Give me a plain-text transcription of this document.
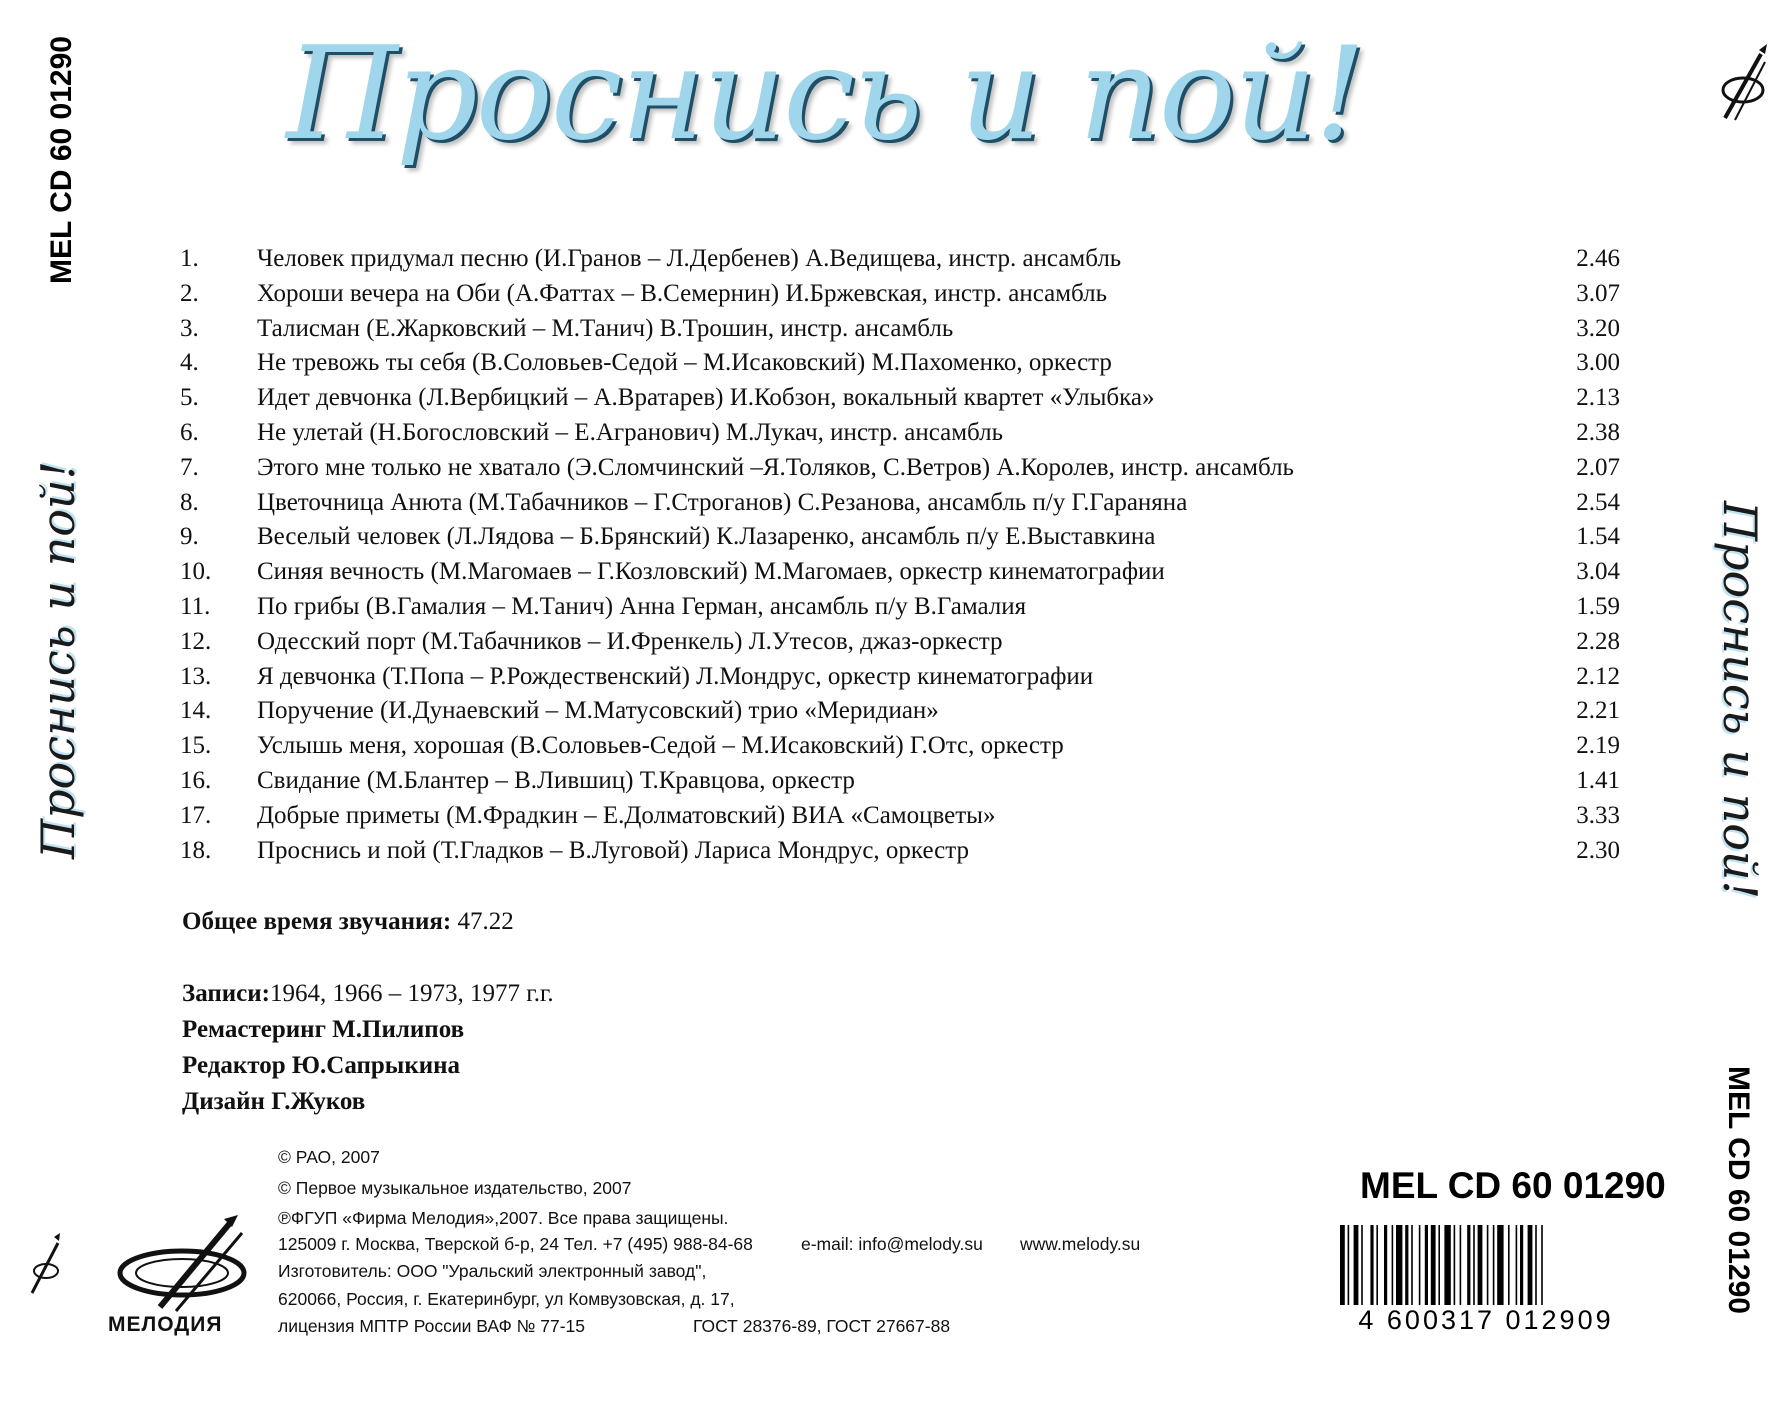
MEL CD 60 01290
Проснись и пой!	Проснись и пой!
MEL CD 60 01290
Проснись и пой!
1. Человек придумал песню (И.Гранов – Л.Дербенев) А.Ведищева, инстр. ансамбль	2.46
2. Хороши вечера на Оби (А.Фаттах – В.Семернин) И.Бржевская, инстр. ансамбль	3.07
3. Талисман (Е.Жарковский – М.Танич) В.Трошин, инстр. ансамбль	3.20
4. Не тревожь ты себя (В.Соловьев-Седой – М.Исаковский) М.Пахоменко, оркестр	3.00
5. Идет девчонка (Л.Вербицкий – А.Вратарев) И.Кобзон, вокальный квартет «Улыбка»	2.13
6. Не улетай (Н.Богословский – Е.Агранович) М.Лукач, инстр. ансамбль	2.38
7. Этого мне только не хватало (Э.Сломчинский –Я.Толяков, С.Ветров) А.Королев, инстр. ансамбль	2.07
8. Цветочница Анюта (М.Табачников – Г.Строганов) С.Резанова, ансамбль п/у Г.Гараняна	2.54
9. Веселый человек (Л.Лядова – Б.Брянский) К.Лазаренко, ансамбль п/у Е.Выставкина	1.54
10. Синяя вечность (М.Магомаев – Г.Козловский) М.Магомаев, оркестр кинематографии	3.04
11. По грибы (В.Гамалия – М.Танич) Анна Герман, ансамбль п/у В.Гамалия	1.59
12. Одесский порт (М.Табачников – И.Френкель) Л.Утесов, джаз-оркестр	2.28
13. Я девчонка (Т.Попа – Р.Рождественский) Л.Мондрус, оркестр кинематографии	2.12
14. Поручение (И.Дунаевский – М.Матусовский) трио «Меридиан»	2.21
15. Услышь меня, хорошая (В.Соловьев-Седой – М.Исаковский) Г.Отс, оркестр	2.19
16. Свидание (М.Блантер – В.Лившиц) Т.Кравцова, оркестр	1.41
17. Добрые приметы (М.Фрадкин – Е.Долматовский) ВИА «Самоцветы»	3.33
18. Проснись и пой (Т.Гладков – В.Луговой) Лариса Мондрус, оркестр	2.30
Общее время звучания: 47.22
Записи:1964, 1966 – 1973, 1977 г.г.
Ремастеринг М.Пилипов
Редактор Ю.Сапрыкина
Дизайн Г.Жуков
© РАО, 2007
© Первое музыкальное издательство, 2007
℗ФГУП «Фирма Мелодия»,2007. Все права защищены.
125009 г. Москва, Тверской б-р, 24 Тел. +7 (495) 988-84-68	e-mail: info@melody.su www.melody.su
Изготовитель: ООО "Уральский электронный завод",
620066, Россия, г. Екатеринбург, ул Комвузовская, д. 17,
лицензия МПТР России ВАФ № 77-15	ГОСТ 28376-89, ГОСТ 27667-88
МЕЛОДИЯ
MEL CD 60 01290
4 600317 012909
